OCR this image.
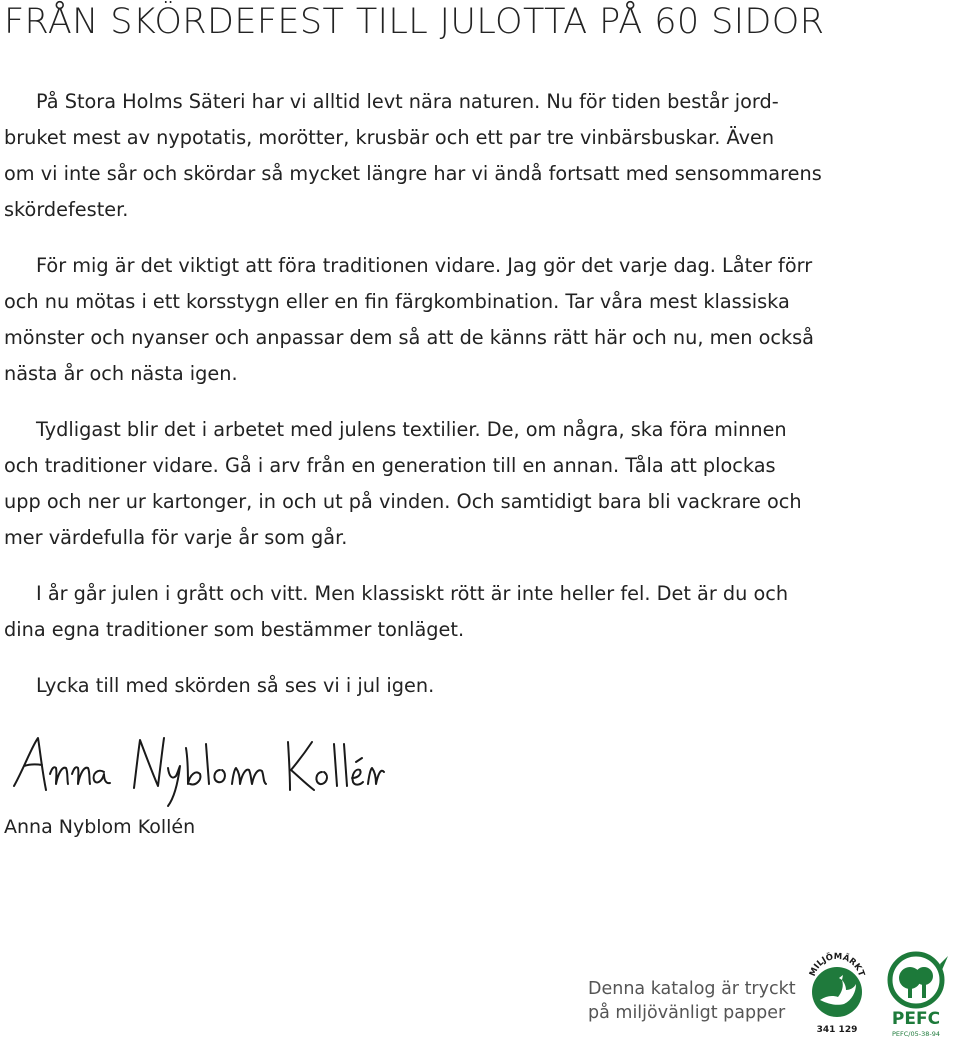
FRÅN SKÖRDEFEST TILL JULOTTA PÅ 60 SIDOR

På Stora Holms Säteri har vi alltid levt nära naturen. Nu för tiden består jord-
bruket mest av nypotatis, morötter, krusbär och ett par tre vinbärsbuskar. Även
om vi inte sår och skördar så mycket längre har vi ändå fortsatt med sensommarens
skördefester.

För mig är det viktigt att föra traditionen vidare. Jag gör det varje dag. Låter förr
och nu mötas i ett korsstygn eller en fin färgkombination. Tar våra mest klassiska
mönster och nyanser och anpassar dem så att de känns rätt här och nu, men också
nästa år och nästa igen.

Tydligast blir det i arbetet med julens textilier. De, om några, ska föra minnen
och traditioner vidare. Gå i arv från en generation till en annan. Tåla att plockas
upp och ner ur kartonger, in och ut på vinden. Och samtidigt bara bli vackrare och
mer värdefulla för varje år som går.

I år går julen i grått och vitt. Men klassiskt rött är inte heller fel. Det är du och
dina egna traditioner som bestämmer tonläget.

Lycka till med skörden så ses vi i jul igen.

Anna Nyblom Kollén
Denna katalog är tryckt
på miljövänligt papper
MILJÖMÄRKT
341 129
PEFC
PEFC/05-38-94
